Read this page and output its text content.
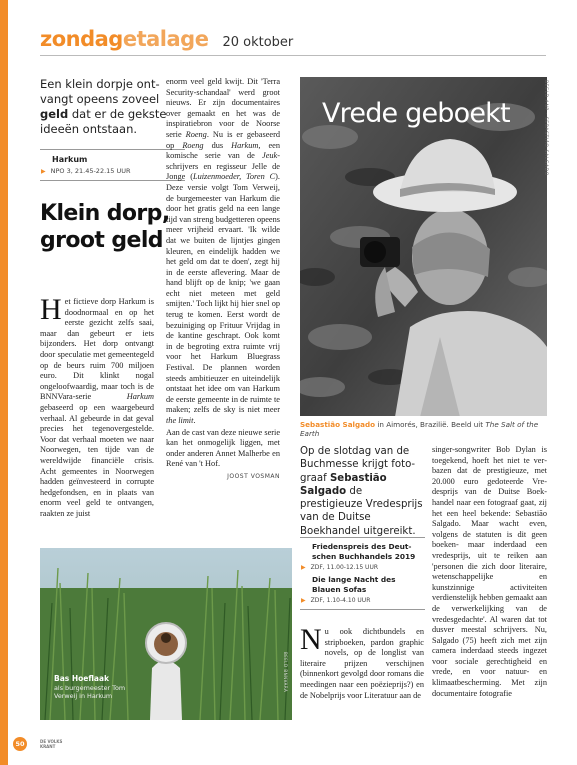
zondag etalage 20 oktober
Een klein dorpje ontvangt opeens zoveel geld dat er de gekste ideeën ontstaan.
Harkum
▶ NPO 3, 21.45-22.15 UUR
Klein dorp, groot geld

Het fictieve dorp Harkum is doodnormaal en op het eerste gezicht zelfs saai, maar dan gebeurt er iets bijzonders. Het dorp ontvangt door speculatie met gemeentegeld op de beurs ruim 700 miljoen euro. Dit klinkt nogal ongeloofwaardig, maar toch is de BNNVara-serie Harkum gebaseerd op een waargebeurd verhaal. Al gebeurde in dat geval precies het tegenovergestelde. Voor dat verhaal moeten we naar Noorwegen, ten tijde van de wereldwijde financiële crisis. Acht gemeentes in Noorwegen hadden geïnvesteerd in corrupte hedgefondsen, en in plaats van enorm veel geld te ontvangen, raakten ze juist

enorm veel geld kwijt. Dit 'Terra Security-schandaal' werd groot nieuws. Er zijn documentaires over gemaakt en het was de inspiratiebron voor de Noorse serie Roeng. Nu is er gebaseerd op Roeng dus Harkum, een komische serie van de Jeuk-schrijvers en regisseur Jelle de Jonge (Luizenmoeder, Toren C). Deze versie volgt Tom Verweij, de burgemeester van Harkum die door het gratis geld na een lange tijd van streng budgetteren opeens meer vrijheid ervaart. 'Ik wilde dat we buiten de lijntjes gingen kleuren, en eindelijk hadden we het geld om dat te doen', zegt hij in de eerste aflevering. Maar de hand blijft op de knip; 'we gaan echt niet meteen met geld smijten.' Toch lijkt hij hier snel op terug te komen. Eerst wordt de bezuiniging op Frituur Vrijdag in de kantine geschrapt. Ook komt in de begroting extra ruimte vrij voor het Harkum Bluegrass Festival. De plannen worden steeds ambitieuzer en uiteindelijk ontstaat het idee om van Harkum de eerste gemeente in de ruimte te maken; zelfs de sky is niet meer the limit.

Aan de cast van deze nieuwe serie kan het onmogelijk liggen, met onder anderen Annet Malherbe en René van 't Hof.

JOOST VOSMAN
Vrede geboekt	BEELD ANP · SEBASTIÃO SALGADO
Sebastião Salgado in Aimorés, Brazilië. Beeld uit The Salt of the Earth
Op de slotdag van de Buchmesse krijgt fotograaf Sebastião Salgado de prestigieuze Vredesprijs van de Duitse Boekhandel uitgereikt.
Friedenspreis des Deutschen Buchhandels 2019
▶ ZDF, 11.00-12.15 UUR
Die lange Nacht des Blauen Sofas
▶ ZDF, 1.10-4.10 UUR

Nu ook dichtbundels en stripboeken, pardon graphic novels, op de longlist van literaire prijzen verschijnen (binnenkort gevolgd door romans die meedingen naar een poëzieprijs?) en de Nobelprijs voor Literatuur aan de

singer-songwriter Bob Dylan is toegekend, hoeft het niet te verbazen dat de prestigieuze, met 20.000 euro gedoteerde Vredesprijs van de Duitse Boekhandel naar een fotograaf gaat, zij het een heel bekende: Sebastião Salgado. Maar wacht even, volgens de statuten is dit geen boeken- maar inderdaad een vredesprijs, uit te reiken aan 'personen die zich door literaire, wetenschappelijke en kunstzinnige activiteiten verdienstelijk hebben gemaakt aan de verwerkelijking van de vredesgedachte'. Al waren dat tot dusver meestal schrijvers. Nu, Salgado (75) heeft zich met zijn camera inderdaad steeds ingezet voor sociale gerechtigheid en vrede, en voor natuur- en klimaatbescherming. Met zijn documentaire fotografie

Bas Hoeflaak
als burgemeester Tom Verweij in Harkum
BEELD BNNVARA
50	DE VOLKS
KRANT
